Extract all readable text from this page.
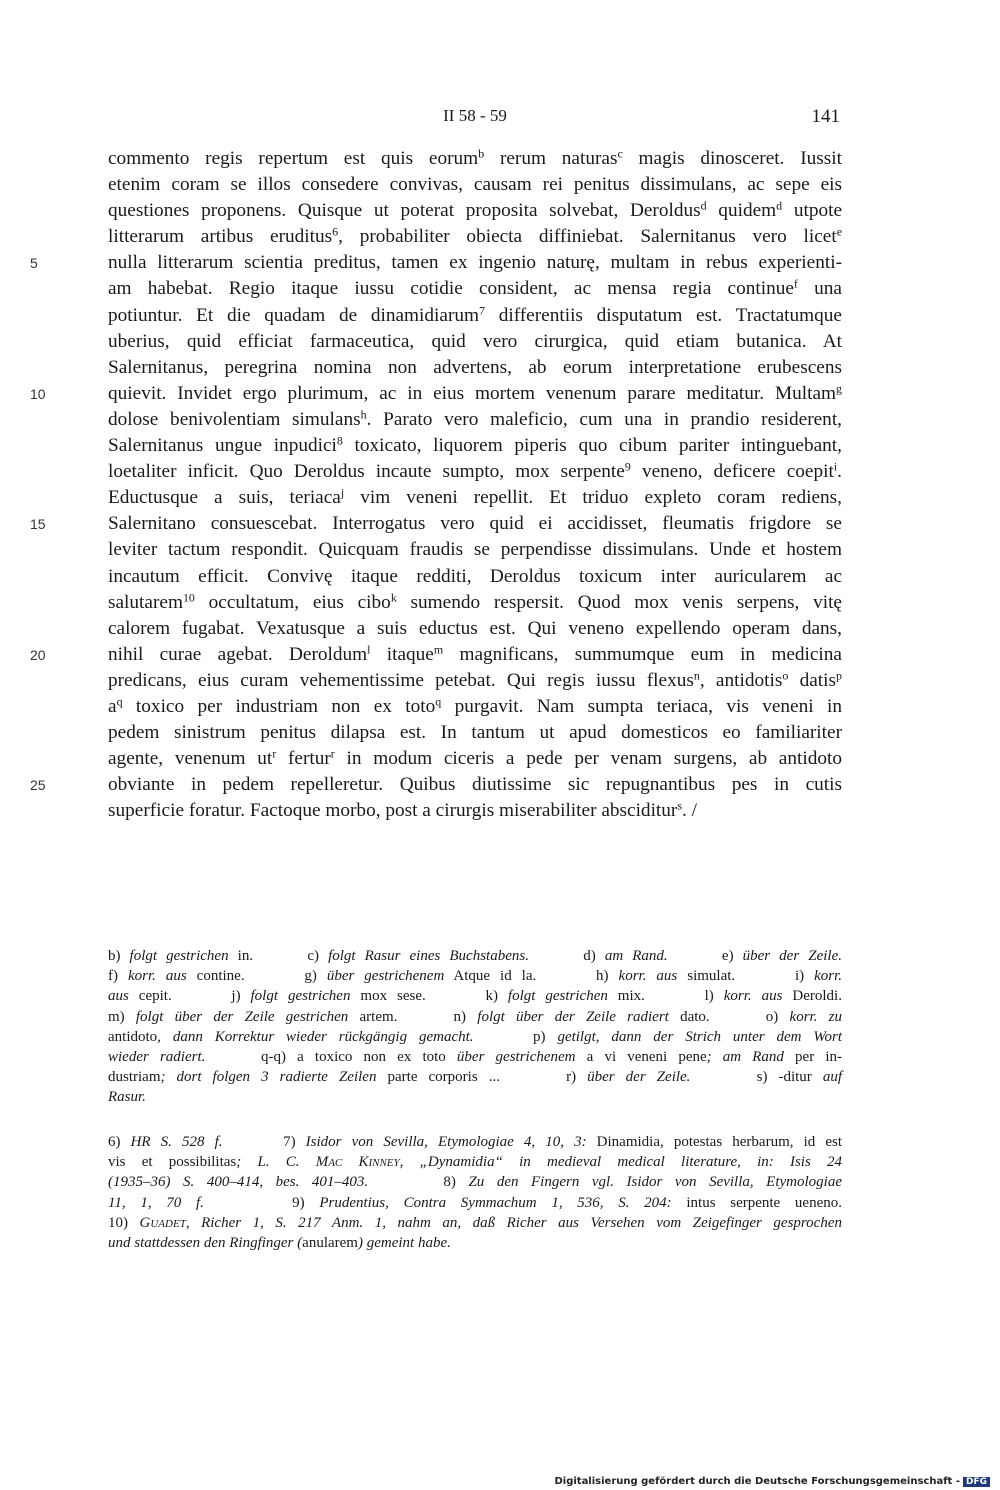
II 58 - 59	141
commento regis repertum est quis eorum$^b$ rerum naturas$^c$ magis dinosceret. Iussit
etenim coram se illos consedere convivas, causam rei penitus dissimulans, ac sepe eis
questiones proponens. Quisque ut poterat proposita solvebat, Deroldus$^d$ quidem$^d$ utpote
litterarum artibus eruditus$^6$, probabiliter obiecta diffiniebat. Salernitanus vero licet$^e$
5	nulla litterarum scientia preditus, tamen ex ingenio naturę, multam in rebus experienti-
am habebat. Regio itaque iussu cotidie consident, ac mensa regia continue$^f$ una
potiuntur. Et die quadam de dinamidiarum$^7$ differentiis disputatum est. Tractatumque
uberius, quid efficiat farmaceutica, quid vero cirurgica, quid etiam butanica. At
Salernitanus, peregrina nomina non advertens, ab eorum interpretatione erubescens
10	quievit. Invidet ergo plurimum, ac in eius mortem venenum parare meditatur. Multam$^g$
dolose benivolentiam simulans$^h$. Parato vero maleficio, cum una in prandio residerent,
Salernitanus ungue inpudici$^8$ toxicato, liquorem piperis quo cibum pariter intinguebant,
loetaliter inficit. Quo Deroldus incaute sumpto, mox serpente$^9$ veneno, deficere coepit$^i$.
Eductusque a suis, teriaca$^j$ vim veneni repellit. Et triduo expleto coram rediens,
15	Salernitano consuescebat. Interrogatus vero quid ei accidisset, fleumatis frigdore se
leviter tactum respondit. Quicquam fraudis se perpendisse dissimulans. Unde et hostem
incautum efficit. Convivę itaque redditi, Deroldus toxicum inter auricularem ac
salutarem$^{10}$ occultatum, eius cibo$^k$ sumendo respersit. Quod mox venis serpens, vitę
calorem fugabat. Vexatusque a suis eductus est. Qui veneno expellendo operam dans,
20	nihil curae agebat. Deroldum$^l$ itaque$^m$ magnificans, summumque eum in medicina
predicans, eius curam vehementissime petebat. Qui regis iussu flexus$^n$, antidotis$^o$ datis$^p$
$a^q$ toxico per industriam non ex toto$^q$ purgavit. Nam sumpta teriaca, vis veneni in
pedem sinistrum penitus dilapsa est. In tantum ut apud domesticos eo familiariter
agente, venenum $ut^r$ fertur$^r$ in modum ciceris a pede per venam surgens, ab antidoto
25	obviante in pedem repelleretur. Quibus diutissime sic repugnantibus pes in cutis
superficie foratur. Factoque morbo, post a cirurgis miserabiliter absciditur$^s$. /
b) folgt gestrichen in.      c) folgt Rasur eines Buchstabens.      d) am Rand.      e) über der Zeile.
f) korr. aus contine.      g) über gestrichenem Atque id la.      h) korr. aus simulat.      i) korr.
aus cepit.      j) folgt gestrichen mox sese.      k) folgt gestrichen mix.      l) korr. aus Deroldi.
m) folgt über der Zeile gestrichen artem.     n) folgt über der Zeile radiert dato.     o) korr. zu
antidoto, dann Korrektur wieder rückgängig gemacht.     p) getilgt, dann der Strich unter dem Wort
wieder radiert.     q-q) a toxico non ex toto über gestrichenem a vi veneni pene; am Rand per in-
dustriam; dort folgen 3 radierte Zeilen parte corporis ...      r) über der Zeile.      s) -ditur auf
Rasur.
6) HR S. 528 f.      7) Isidor von Sevilla, Etymologiae 4, 10, 3: Dinamidia, potestas herbarum, id est
vis et possibilitas; L. C. Mac Kinney, „Dynamidia“ in medieval medical literature, in: Isis 24
(1935–36) S. 400–414, bes. 401–403.      8) Zu den Fingern vgl. Isidor von Sevilla, Etymologiae
11, 1, 70 f.      9) Prudentius, Contra Symmachum 1, 536, S. 204: intus serpente ueneno.
10) Guadet, Richer 1, S. 217 Anm. 1, nahm an, daß Richer aus Versehen vom Zeigefinger gesprochen
und stattdessen den Ringfinger (anularem) gemeint habe.
Digitalisierung gefördert durch die Deutsche Forschungsgemeinschaft - DFG
